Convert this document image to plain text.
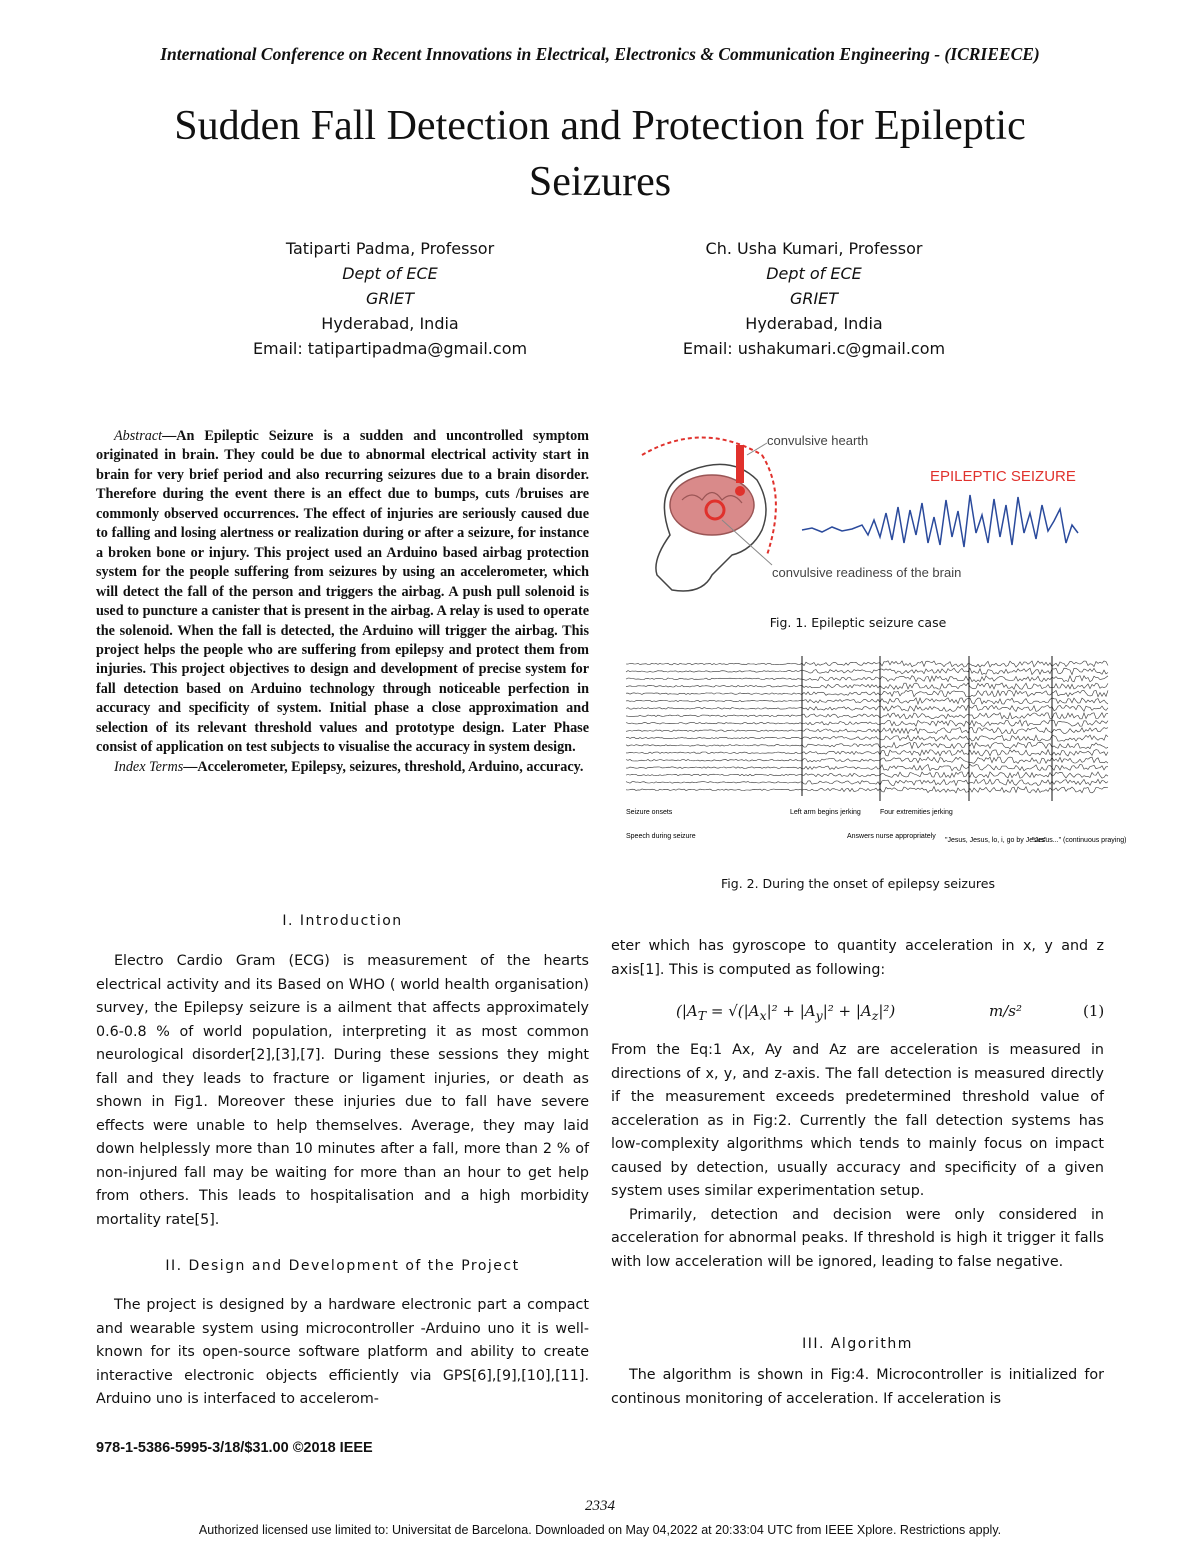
International Conference on Recent Innovations in Electrical, Electronics & Communication Engineering - (ICRIEECE)
Sudden Fall Detection and Protection for Epileptic
Seizures
Tatiparti Padma, Professor
Dept of ECE
GRIET
Hyderabad, India
Email: tatipartipadma@gmail.com
Ch. Usha Kumari, Professor
Dept of ECE
GRIET
Hyderabad, India
Email: ushakumari.c@gmail.com

Abstract—An Epileptic Seizure is a sudden and uncontrolled symptom originated in brain. They could be due to abnormal electrical activity start in brain for very brief period and also recurring seizures due to a brain disorder. Therefore during the event there is an effect due to bumps, cuts /bruises are commonly observed occurrences. The effect of injuries are seriously caused due to falling and losing alertness or realization during or after a seizure, for instance a broken bone or injury. This project used an Arduino based airbag protection system for the people suffering from seizures by using an accelerometer, which will detect the fall of the person and triggers the airbag. A push pull solenoid is used to puncture a canister that is present in the airbag. A relay is used to operate the solenoid. When the fall is detected, the Arduino will trigger the airbag. This project helps the people who are suffering from epilepsy and protect them from injuries. This project objectives to design and development of precise system for fall detection based on Arduino technology through noticeable perfection in accuracy and specificity of system. Initial phase a close approximation and selection of its relevant threshold values and prototype design. Later Phase consist of application on test subjects to visualise the accuracy in system design.

Index Terms—Accelerometer, Epilepsy, seizures, threshold, Arduino, accuracy.

I. Introduction

Electro Cardio Gram (ECG) is measurement of the hearts electrical activity and its Based on WHO ( world health organisation) survey, the Epilepsy seizure is a ailment that affects approximately 0.6-0.8 % of world population, interpreting it as most common neurological disorder[2],[3],[7]. During these sessions they might fall and they leads to fracture or ligament injuries, or death as shown in Fig1. Moreover these injuries due to fall have severe effects were unable to help themselves. Average, they may laid down helplessly more than 10 minutes after a fall, more than 2 % of non-injured fall may be waiting for more than an hour to get help from others. This leads to hospitalisation and a high morbidity mortality rate[5].

II. Design and Development of the Project

The project is designed by a hardware electronic part a compact and wearable system using microcontroller -Arduino uno it is well-known for its open-source software platform and ability to create interactive electronic objects efficiently via GPS[6],[9],[10],[11]. Arduino uno is interfaced to accelerom-

convulsive hearth
EPILEPTIC SEIZURE
convulsive readiness of the brain
Fig. 1. Epileptic seizure case
Seizure onsets
Speech during seizure
Left arm begins jerking
Answers nurse appropriately
Four extremities jerking
"Jesus, Jesus, lo, i, go by Jesus"
"Jesus..." (continuous praying)
Fig. 2. During the onset of epilepsy seizures

eter which has gyroscope to quantity acceleration in x, y and z axis[1]. This is computed as following:

($|A_T = √(|A_x|^2 + |A_y|^2 + |A_z|^2)$	m/s²	(1)

From the Eq:1 Ax, Ay and Az are acceleration is measured in directions of x, y, and z-axis. The fall detection is measured directly if the measurement exceeds predetermined threshold value of acceleration as in Fig:2. Currently the fall detection systems has low-complexity algorithms which tends to mainly focus on impact caused by detection, usually accuracy and specificity of a given system uses similar experimentation setup.

Primarily, detection and decision were only considered in acceleration for abnormal peaks. If threshold is high it trigger it falls with low acceleration will be ignored, leading to false negative.

III. Algorithm

The algorithm is shown in Fig:4. Microcontroller is initialized for continous monitoring of acceleration. If acceleration is

978-1-5386-5995-3/18/$31.00 ©2018 IEEE
2334
Authorized licensed use limited to: Universitat de Barcelona. Downloaded on May 04,2022 at 20:33:04 UTC from IEEE Xplore. Restrictions apply.
